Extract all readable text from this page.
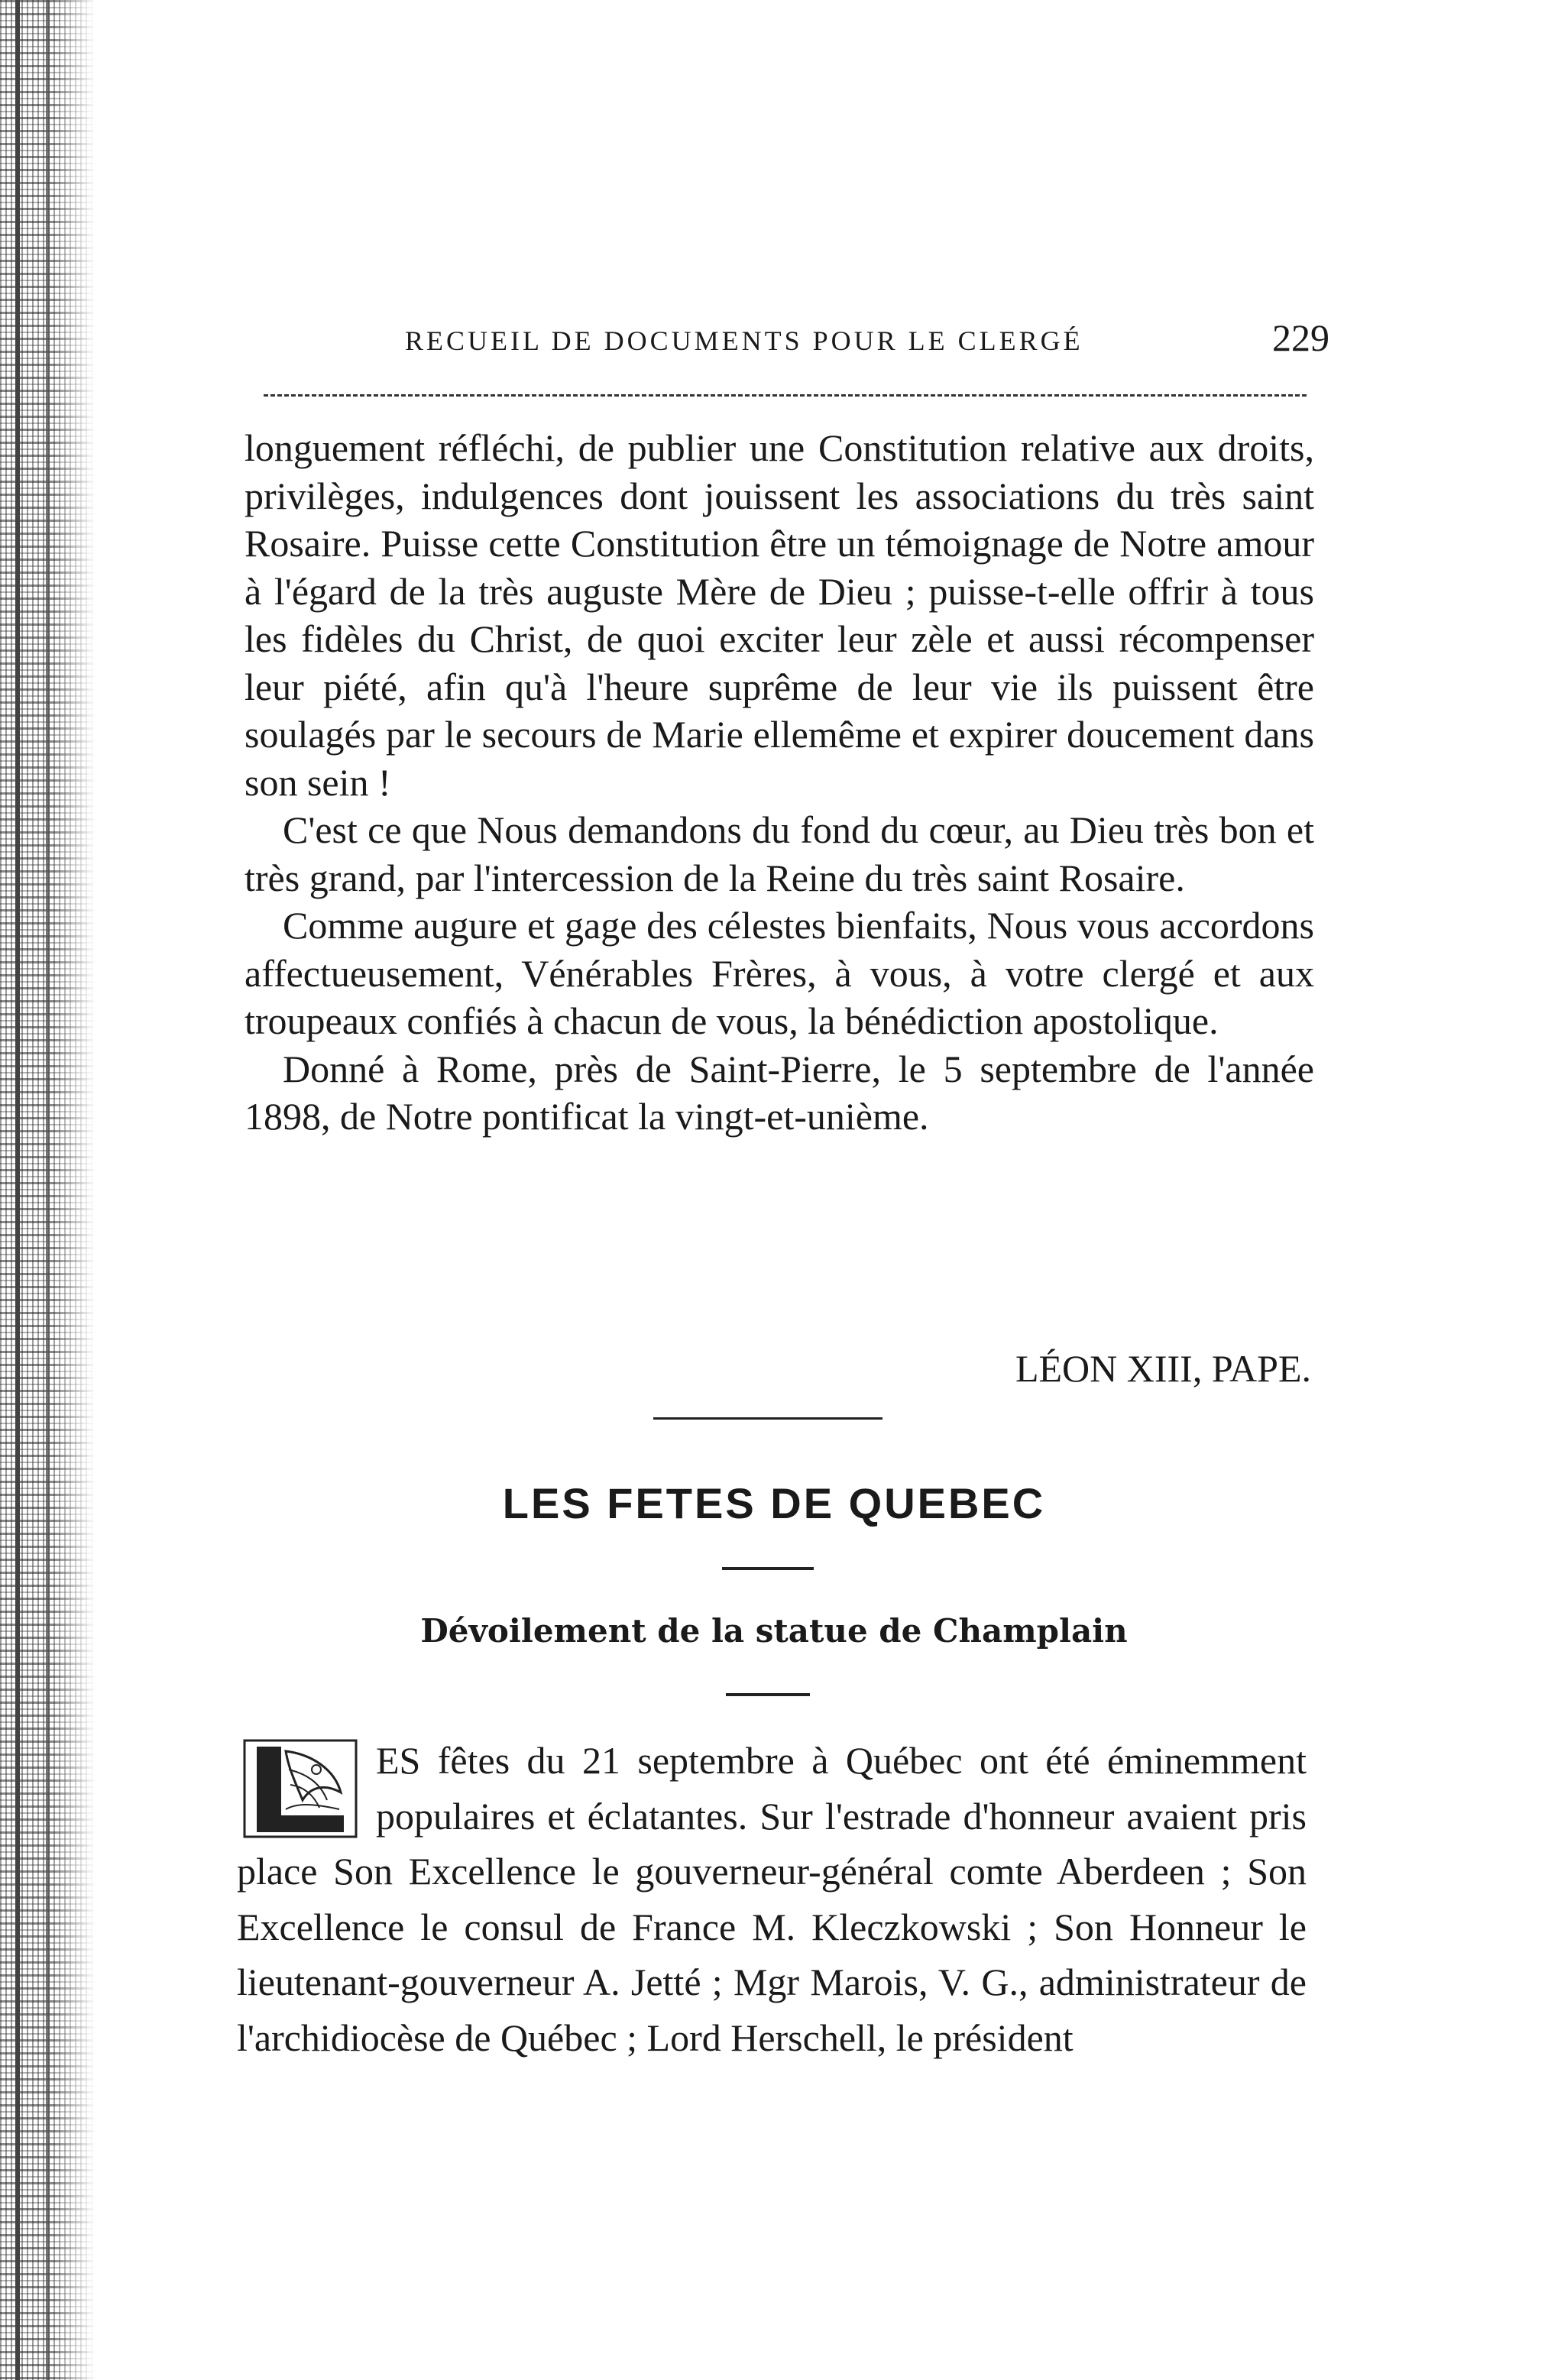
RECUEIL DE DOCUMENTS POUR LE CLERGÉ	229

longuement réfléchi, de publier une Constitution relative aux droits, privilèges, indulgences dont jouissent les associations du très saint Rosaire. Puisse cette Constitution être un témoignage de Notre amour à l'égard de la très auguste Mère de Dieu ; puisse-t-elle offrir à tous les fidèles du Christ, de quoi exciter leur zèle et aussi récompenser leur piété, afin qu'à l'heure suprême de leur vie ils puissent être soulagés par le secours de Marie ellemême et expirer doucement dans son sein !

C'est ce que Nous demandons du fond du cœur, au Dieu très bon et très grand, par l'intercession de la Reine du très saint Rosaire.

Comme augure et gage des célestes bienfaits, Nous vous accordons affectueusement, Vénérables Frères, à vous, à votre clergé et aux troupeaux confiés à chacun de vous, la bénédiction apostolique.

Donné à Rome, près de Saint-Pierre, le 5 septembre de l'année 1898, de Notre pontificat la vingt-et-unième.

LÉON XIII, PAPE.
LES FETES DE QUEBEC
Dévoilement de la statue de Champlain

ES fêtes du 21 septembre à Québec ont été éminemment populaires et éclatantes. Sur l'estrade d'honneur avaient pris place Son Excellence le gouverneur-général comte Aberdeen ; Son Excellence le consul de France M. Kleczkowski ; Son Honneur le lieutenant-gouverneur A. Jetté ; Mgr Marois, V. G., administrateur de l'archidiocèse de Québec ; Lord Herschell, le président
